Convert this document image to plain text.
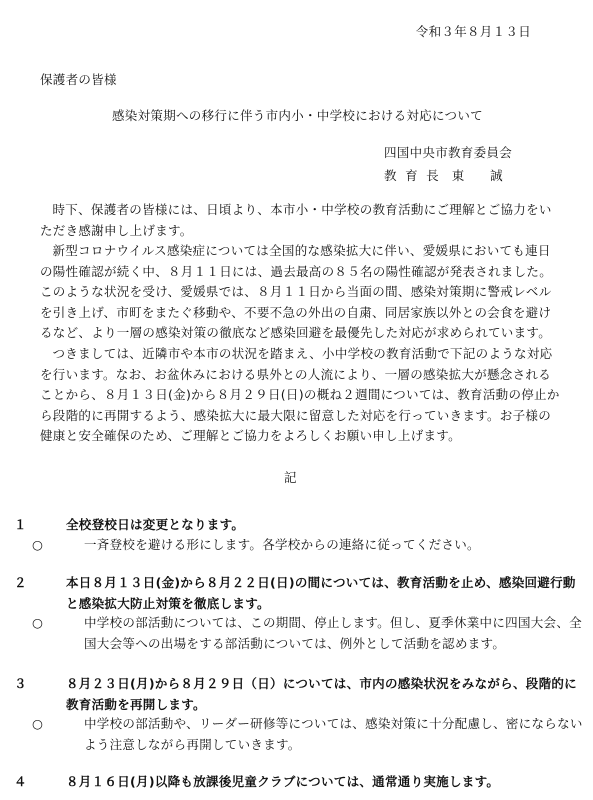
令和３年８月１３日
保護者の皆様
感染対策期への移行に伴う市内小・中学校における対応について
四国中央市教育委員会
教 育 長　 東　　誠
時下、保護者の皆様には、日頃より、本市小・中学校の教育活動にご理解とご協力をいただき感謝申し上げます。
新型コロナウイルス感染症については全国的な感染拡大に伴い、愛媛県においても連日の陽性確認が続く中、８月１１日には、過去最高の８５名の陽性確認が発表されました。このような状況を受け、愛媛県では、８月１１日から当面の間、感染対策期に警戒レベルを引き上げ、市町をまたぐ移動や、不要不急の外出の自粛、同居家族以外との会食を避けるなど、より一層の感染対策の徹底など感染回避を最優先した対応が求められています。
つきましては、近隣市や本市の状況を踏まえ、小中学校の教育活動で下記のような対応を行います。なお、お盆休みにおける県外との人流により、一層の感染拡大が懸念されることから、８月１３日(金)から８月２９日(日)の概ね２週間については、教育活動の停止から段階的に再開するよう、感染拡大に最大限に留意した対応を行っていきます。お子様の健康と安全確保のため、ご理解とご協力をよろしくお願い申し上げます。
記
１	全校登校日は変更となります。
○	一斉登校を避ける形にします。各学校からの連絡に従ってください。
２	本日８月１３日(金)から８月２２日(日)の間については、教育活動を止め、感染回避行動と感染拡大防止対策を徹底します。
○	中学校の部活動については、この期間、停止します。但し、夏季休業中に四国大会、全国大会等への出場をする部活動については、例外として活動を認めます。
３	８月２３日(月)から８月２９日（日）については、市内の感染状況をみながら、段階的に教育活動を再開します。
○	中学校の部活動や、リーダー研修等については、感染対策に十分配慮し、密にならないよう注意しながら再開していきます。
４	８月１６日(月)以降も放課後児童クラブについては、通常通り実施します。
